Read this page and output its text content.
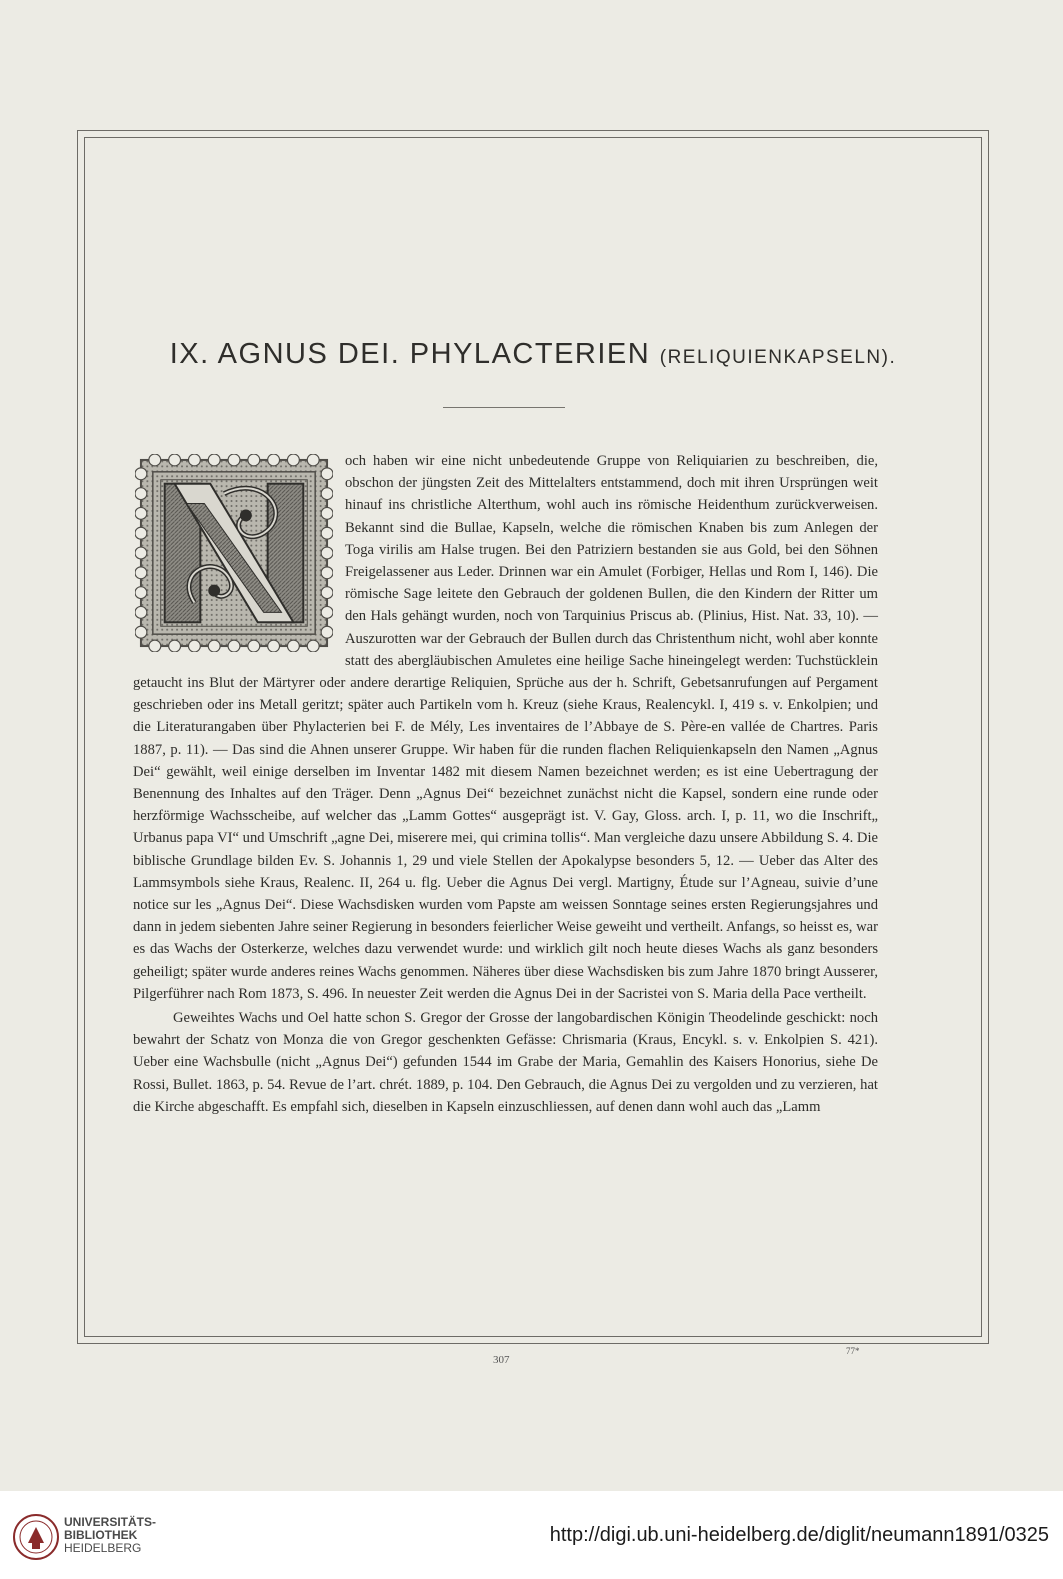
IX. AGNUS DEI. PHYLACTERIEN (RELIQUIENKAPSELN).

och haben wir eine nicht unbedeutende Gruppe von Reliquiarien zu beschreiben, die, obschon der jüngsten Zeit des Mittelalters entstammend, doch mit ihren Ursprüngen weit hinauf ins christliche Alterthum, wohl auch ins römische Heidenthum zurückverweisen. Bekannt sind die Bullae, Kapseln, welche die römischen Knaben bis zum Anlegen der Toga virilis am Halse trugen. Bei den Patriziern bestanden sie aus Gold, bei den Söhnen Freigelassener aus Leder. Drinnen war ein Amulet (Forbiger, Hellas und Rom I, 146). Die römische Sage leitete den Gebrauch der goldenen Bullen, die den Kindern der Ritter um den Hals gehängt wurden, noch von Tarquinius Priscus ab. (Plinius, Hist. Nat. 33, 10). — Auszurotten war der Gebrauch der Bullen durch das Christenthum nicht, wohl aber konnte statt des abergläubischen Amuletes eine heilige Sache hineingelegt werden: Tuchstücklein getaucht ins Blut der Märtyrer oder andere derartige Reliquien, Sprüche aus der h. Schrift, Gebetsanrufungen auf Pergament geschrieben oder ins Metall geritzt; später auch Partikeln vom h. Kreuz (siehe Kraus, Realencykl. I, 419 s. v. Enkolpien; und die Literaturangaben über Phylacterien bei F. de Mély, Les inventaires de l’Abbaye de S. Père-en vallée de Chartres. Paris 1887, p. 11). — Das sind die Ahnen unserer Gruppe. Wir haben für die runden flachen Reliquienkapseln den Namen „Agnus Dei“ gewählt, weil einige derselben im Inventar 1482 mit diesem Namen bezeichnet werden; es ist eine Uebertragung der Benennung des Inhaltes auf den Träger. Denn „Agnus Dei“ bezeichnet zunächst nicht die Kapsel, sondern eine runde oder herzförmige Wachsscheibe, auf welcher das „Lamm Gottes“ ausgeprägt ist. V. Gay, Gloss. arch. I, p. 11, wo die Inschrift„ Urbanus papa VI“ und Umschrift „agne Dei, miserere mei, qui crimina tollis“. Man vergleiche dazu unsere Abbildung S. 4. Die biblische Grundlage bilden Ev. S. Johannis 1, 29 und viele Stellen der Apokalypse besonders 5, 12. — Ueber das Alter des Lammsymbols siehe Kraus, Realenc. II, 264 u. flg. Ueber die Agnus Dei vergl. Martigny, Étude sur l’Agneau, suivie d’une notice sur les „Agnus Dei“. Diese Wachsdisken wurden vom Papste am weissen Sonntage seines ersten Regierungsjahres und dann in jedem siebenten Jahre seiner Regierung in besonders feierlicher Weise geweiht und vertheilt. Anfangs, so heisst es, war es das Wachs der Osterkerze, welches dazu verwendet wurde: und wirklich gilt noch heute dieses Wachs als ganz besonders geheiligt; später wurde anderes reines Wachs genommen. Näheres über diese Wachsdisken bis zum Jahre 1870 bringt Ausserer, Pilgerführer nach Rom 1873, S. 496. In neuester Zeit werden die Agnus Dei in der Sacristei von S. Maria della Pace vertheilt.

Geweihtes Wachs und Oel hatte schon S. Gregor der Grosse der langobardischen Königin Theodelinde geschickt: noch bewahrt der Schatz von Monza die von Gregor geschenkten Gefässe: Chrismaria (Kraus, Encykl. s. v. Enkolpien S. 421). Ueber eine Wachsbulle (nicht „Agnus Dei“) gefunden 1544 im Grabe der Maria, Gemahlin des Kaisers Honorius, siehe De Rossi, Bullet. 1863, p. 54. Revue de l’art. chrét. 1889, p. 104. Den Gebrauch, die Agnus Dei zu vergolden und zu verzieren, hat die Kirche abgeschafft. Es empfahl sich, dieselben in Kapseln einzuschliessen, auf denen dann wohl auch das „Lamm

307
77*
UNIVERSITÄTS-
BIBLIOTHEK
HEIDELBERG
http://digi.ub.uni-heidelberg.de/diglit/neumann1891/0325
